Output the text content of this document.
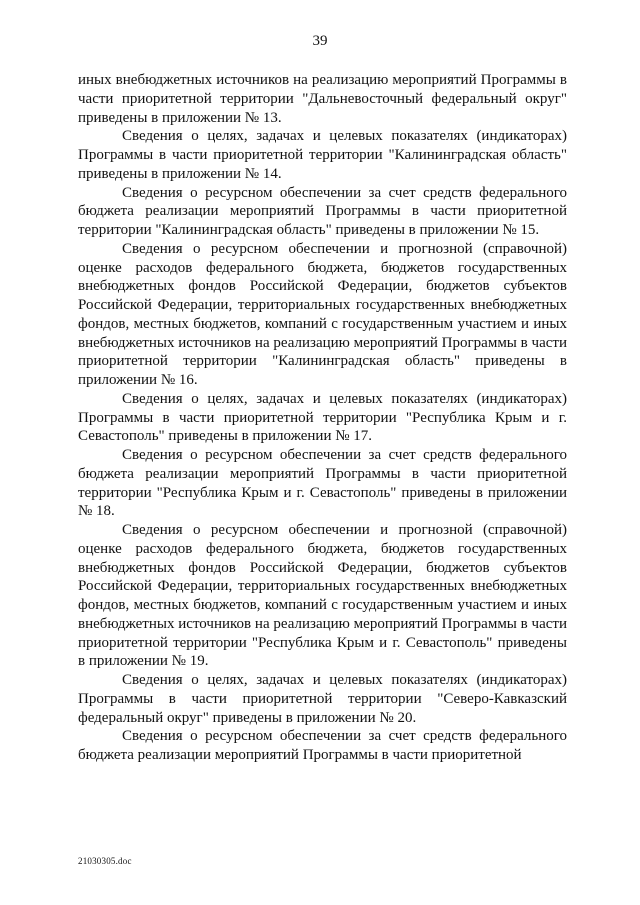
39

иных внебюджетных источников на реализацию мероприятий Программы в части приоритетной территории "Дальневосточный федеральный округ" приведены в приложении № 13.

Сведения о целях, задачах и целевых показателях (индикаторах) Программы в части приоритетной территории "Калининградская область" приведены в приложении № 14.

Сведения о ресурсном обеспечении за счет средств федерального бюджета реализации мероприятий Программы в части приоритетной территории "Калининградская область" приведены в приложении № 15.

Сведения о ресурсном обеспечении и прогнозной (справочной) оценке расходов федерального бюджета, бюджетов государственных внебюджетных фондов Российской Федерации, бюджетов субъектов Российской Федерации, территориальных государственных внебюджетных фондов, местных бюджетов, компаний с государственным участием и иных внебюджетных источников на реализацию мероприятий Программы в части приоритетной территории "Калининградская область" приведены в приложении № 16.

Сведения о целях, задачах и целевых показателях (индикаторах) Программы в части приоритетной территории "Республика Крым и г. Севастополь" приведены в приложении № 17.

Сведения о ресурсном обеспечении за счет средств федерального бюджета реализации мероприятий Программы в части приоритетной территории "Республика Крым и г. Севастополь" приведены в приложении № 18.

Сведения о ресурсном обеспечении и прогнозной (справочной) оценке расходов федерального бюджета, бюджетов государственных внебюджетных фондов Российской Федерации, бюджетов субъектов Российской Федерации, территориальных государственных внебюджетных фондов, местных бюджетов, компаний с государственным участием и иных внебюджетных источников на реализацию мероприятий Программы в части приоритетной территории "Республика Крым и г. Севастополь" приведены в приложении № 19.

Сведения о целях, задачах и целевых показателях (индикаторах) Программы в части приоритетной территории "Северо-Кавказский федеральный округ" приведены в приложении № 20.

Сведения о ресурсном обеспечении за счет средств федерального бюджета реализации мероприятий Программы в части приоритетной

21030305.doc
